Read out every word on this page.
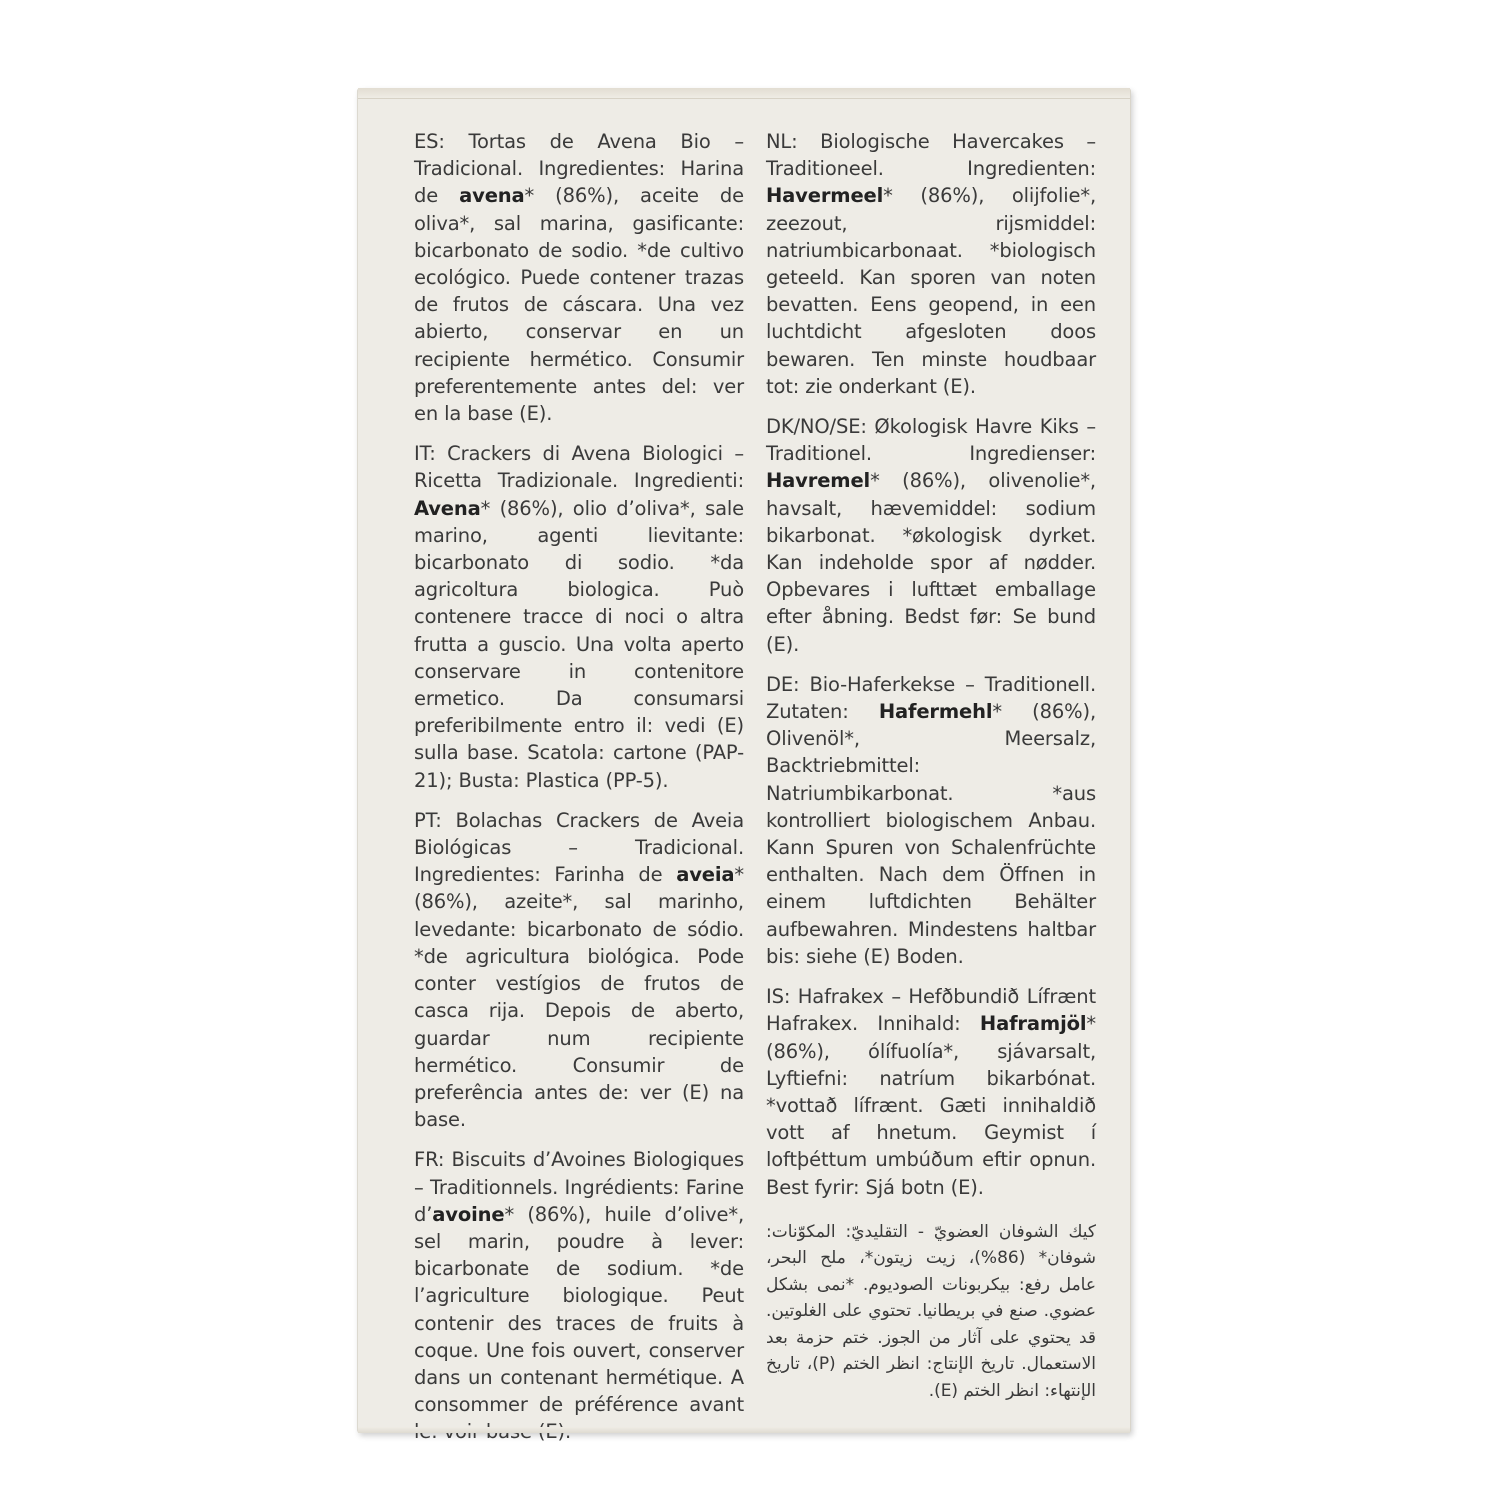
ES: Tortas de Avena Bio – Tradicional. Ingredientes: Harina de avena* (86%), aceite de oliva*, sal marina, gasificante: bicarbonato de sodio. *de cultivo ecológico. Puede contener trazas de frutos de cáscara. Una vez abierto, conservar en un recipiente hermético. Consumir preferentemente antes del: ver en la base (E).

IT: Crackers di Avena Biologici – Ricetta Tradizionale. Ingredienti: Avena* (86%), olio d’oliva*, sale marino, agenti lievitante: bicarbonato di sodio. *da agricoltura biologica. Può contenere tracce di noci o altra frutta a guscio. Una volta aperto conservare in contenitore ermetico. Da consumarsi preferibilmente entro il: vedi (E) sulla base. Scatola: cartone (PAP-21); Busta: Plastica (PP-5).

PT: Bolachas Crackers de Aveia Biológicas – Tradicional. Ingredientes: Farinha de aveia* (86%), azeite*, sal marinho, levedante: bicarbonato de sódio. *de agricultura biológica. Pode conter vestígios de frutos de casca rija. Depois de aberto, guardar num recipiente hermético. Consumir de preferência antes de: ver (E) na base.

FR: Biscuits d’Avoines Biologiques – Traditionnels. Ingrédients: Farine d’avoine* (86%), huile d’olive*, sel marin, poudre à lever: bicarbonate de sodium. *de l’agriculture biologique. Peut contenir des traces de fruits à coque. Une fois ouvert, conserver dans un contenant hermétique. A consommer de préférence avant

NL: Biologische Havercakes – Traditioneel. Ingredienten: Havermeel* (86%), olijfolie*, zeezout, rijsmiddel: natriumbicarbonaat. *biologisch geteeld. Kan sporen van noten bevatten. Eens geopend, in een luchtdicht afgesloten doos bewaren. Ten minste houdbaar tot: zie onderkant (E).

DK/NO/SE: Økologisk Havre Kiks – Traditionel. Ingredienser: Havremel* (86%), olivenolie*, havsalt, hævemiddel: sodium bikarbonat. *økologisk dyrket. Kan indeholde spor af nødder. Opbevares i lufttæt emballage efter åbning. Bedst før: Se bund (E).

DE: Bio-Haferkekse – Traditionell. Zutaten: Hafermehl* (86%), Olivenöl*, Meersalz, Backtriebmittel: Natriumbikarbonat. *aus kontrolliert biologischem Anbau. Kann Spuren von Schalenfrüchte enthalten. Nach dem Öffnen in einem luftdichten Behälter aufbewahren. Mindestens haltbar bis: siehe (E) Boden.

IS: Hafrakex – Hefðbundið Lífrænt Hafrakex. Innihald: Haframjöl* (86%), ólífuolía*, sjávarsalt, Lyftiefni: natríum bikarbónat. *vottað lífrænt. Gæti innihaldið vott af hnetum. Geymist í loftþéttum umbúðum eftir opnun. Best fyrir: Sjá botn (E).

كيك الشوفان العضويّ - التقليديّ: المكوّنات: شوفان* (86%)، زيت زيتون*، ملح البحر، عامل رفع: بيكربونات الصوديوم. *نمى بشكل عضوي. صنع في بريطانيا. تحتوي على الغلوتين. قد يحتوي على آثار من الجوز. ختم حزمة بعد الاستعمال. تاريخ الإنتاج: انظر الختم (P)، تاريخ الإنتهاء: انظر الختم (E).
